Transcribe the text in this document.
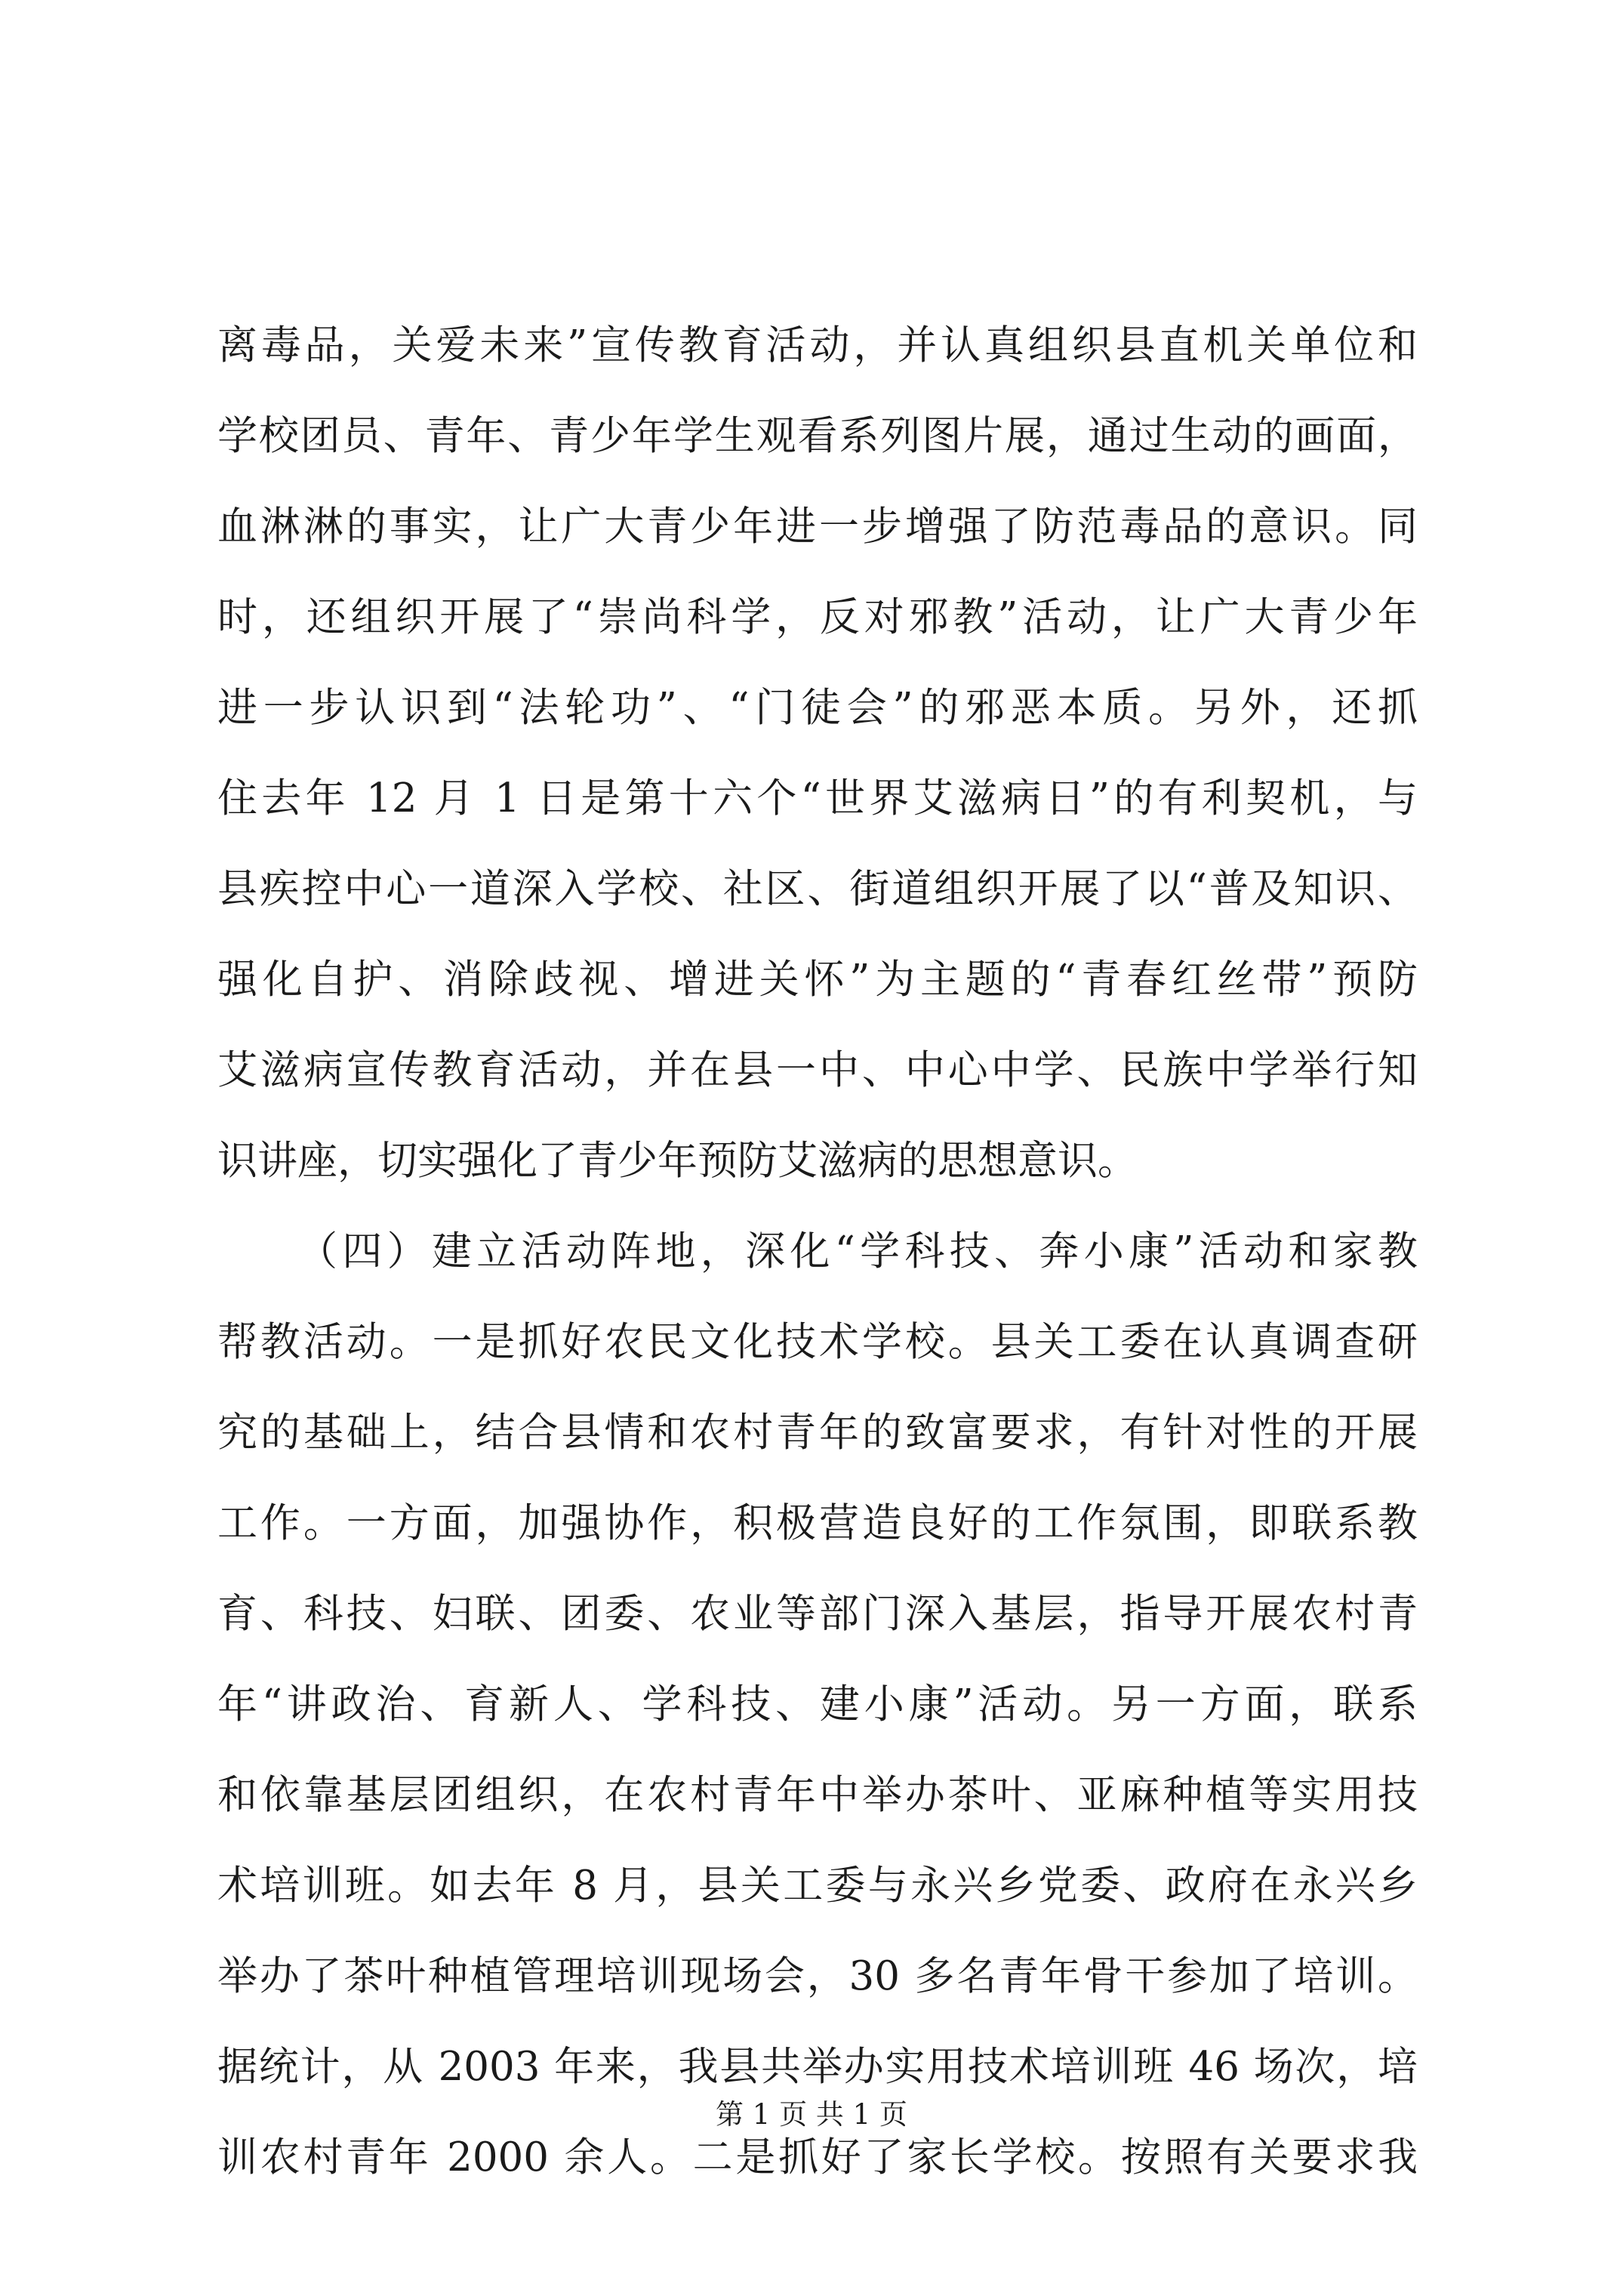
离毒品，关爱未来”宣传教育活动，并认真组织县直机关单位和
学校团员、青年、青少年学生观看系列图片展，通过生动的画面，
血淋淋的事实，让广大青少年进一步增强了防范毒品的意识。同
时，还组织开展了“崇尚科学，反对邪教”活动，让广大青少年
进一步认识到“法轮功”、“门徒会”的邪恶本质。另外，还抓
住去年 12 月 1 日是第十六个“世界艾滋病日”的有利契机，与
县疾控中心一道深入学校、社区、街道组织开展了以“普及知识、
强化自护、消除歧视、增进关怀”为主题的“青春红丝带”预防
艾滋病宣传教育活动，并在县一中、中心中学、民族中学举行知
识讲座，切实强化了青少年预防艾滋病的思想意识。
（四）建立活动阵地，深化“学科技、奔小康”活动和家教
帮教活动。一是抓好农民文化技术学校。县关工委在认真调查研
究的基础上，结合县情和农村青年的致富要求，有针对性的开展
工作。一方面，加强协作，积极营造良好的工作氛围，即联系教
育、科技、妇联、团委、农业等部门深入基层，指导开展农村青
年“讲政治、育新人、学科技、建小康”活动。另一方面，联系
和依靠基层团组织，在农村青年中举办茶叶、亚麻种植等实用技
术培训班。如去年 8 月，县关工委与永兴乡党委、政府在永兴乡
举办了茶叶种植管理培训现场会，30 多名青年骨干参加了培训。
据统计，从 2003 年来，我县共举办实用技术培训班 46 场次，培
训农村青年 2000 余人。二是抓好了家长学校。按照有关要求我
第 1 页 共 1 页
